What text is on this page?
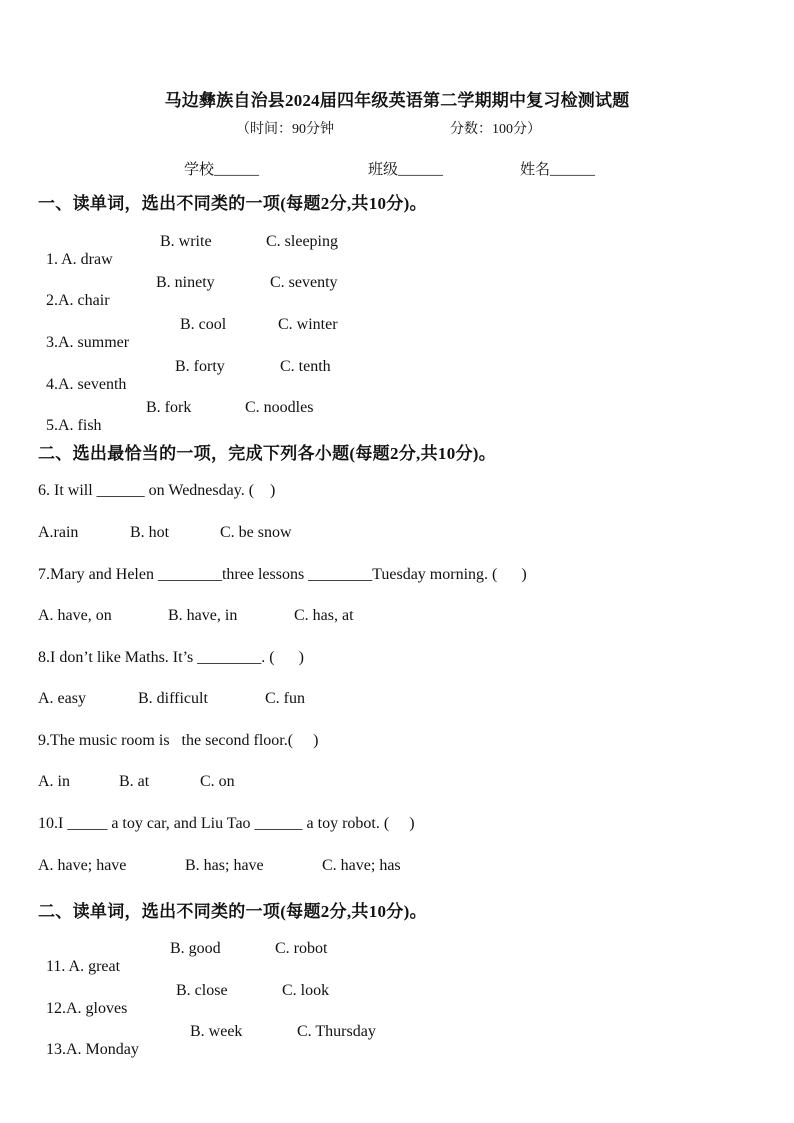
马边彝族自治县2024届四年级英语第二学期期中复习检测试题
（时间：90分钟	分数：100分）
学校______	班级______	姓名______
一、读单词，选出不同类的一项(每题2分,共10分)。

1. A. draw

B. write	C. sleeping

2.A. chair

B. ninety	C. seventy

3.A. summer

B. cool	C. winter

4.A. seventh

B. forty	C. tenth

5.A. fish

B. fork	C. noodles
二、选出最恰当的一项，完成下列各小题(每题2分,共10分)。
6. It will ______ on Wednesday. (    )
A.rain	B. hot	C. be snow
7.Mary and Helen ________three lessons ________Tuesday morning. (      )
A. have, on	B. have, in	C. has, at
8.I don’t like Maths. It’s ________. (      )
A. easy	B. difficult	C. fun
9.The music room is   the second floor.(     )
A. in	B. at	C. on
10.I _____ a toy car, and Liu Tao ______ a toy robot. (     )
A. have; have	B. has; have	C. have; has
二、读单词，选出不同类的一项(每题2分,共10分)。

11. A. great

B. good	C. robot

12.A. gloves

B. close	C. look

13.A. Monday

B. week	C. Thursday
